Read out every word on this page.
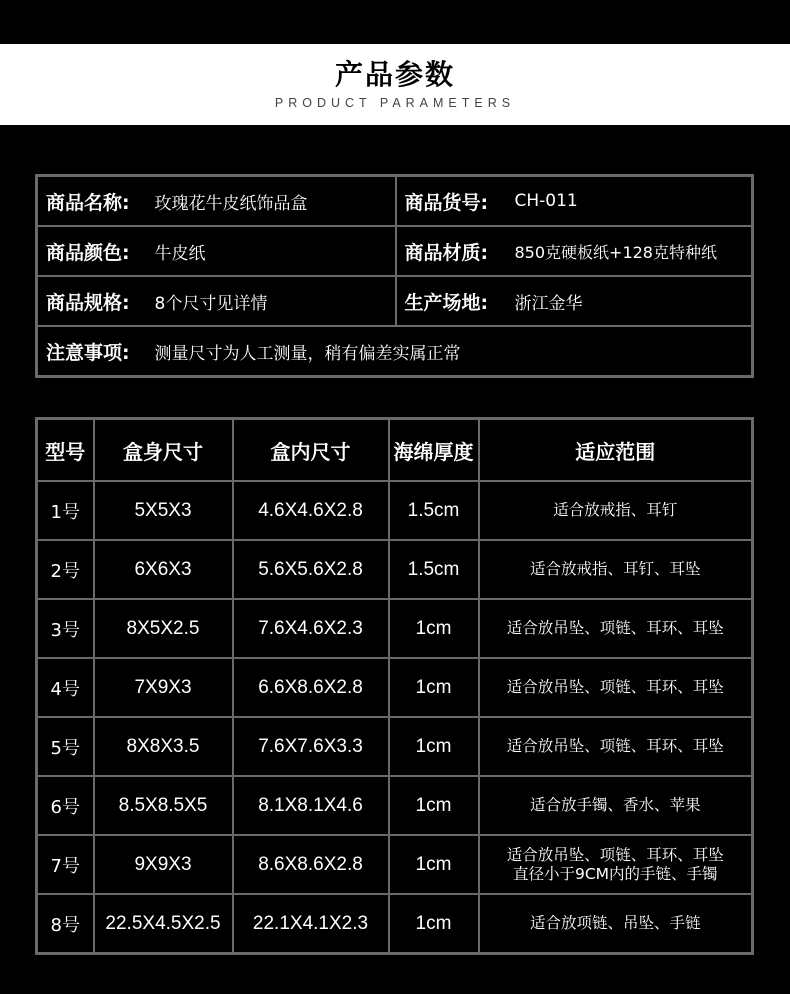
产品参数
PRODUCT PARAMETERS
商品名称:	玫瑰花牛皮纸饰品盒	商品货号:	CH-011
商品颜色:	牛皮纸	商品材质:	850克硬板纸+128克特种纸
商品规格:	8个尺寸见详情	生产场地:	浙江金华
注意事项:	测量尺寸为人工测量，稍有偏差实属正常		
型号	盒身尺寸	盒内尺寸	海绵厚度	适应范围
1号	5X5X3	4.6X4.6X2.8	1.5cm	适合放戒指、耳钉

2号	6X6X3	5.6X5.6X2.8	1.5cm	适合放戒指、耳钉、耳坠

3号	8X5X2.5	7.6X4.6X2.3	1cm	适合放吊坠、项链、耳环、耳坠

4号	7X9X3	6.6X8.6X2.8	1cm	适合放吊坠、项链、耳环、耳坠

5号	8X8X3.5	7.6X7.6X3.3	1cm	适合放吊坠、项链、耳环、耳坠

6号	8.5X8.5X5	8.1X8.1X4.6	1cm	适合放手镯、香水、苹果

7号	9X9X3	8.6X8.6X2.8	1cm	适合放吊坠、项链、耳环、耳坠
直径小于9CM内的手链、手镯

8号	22.5X4.5X2.5	22.1X4.1X2.3	1cm	适合放项链、吊坠、手链
